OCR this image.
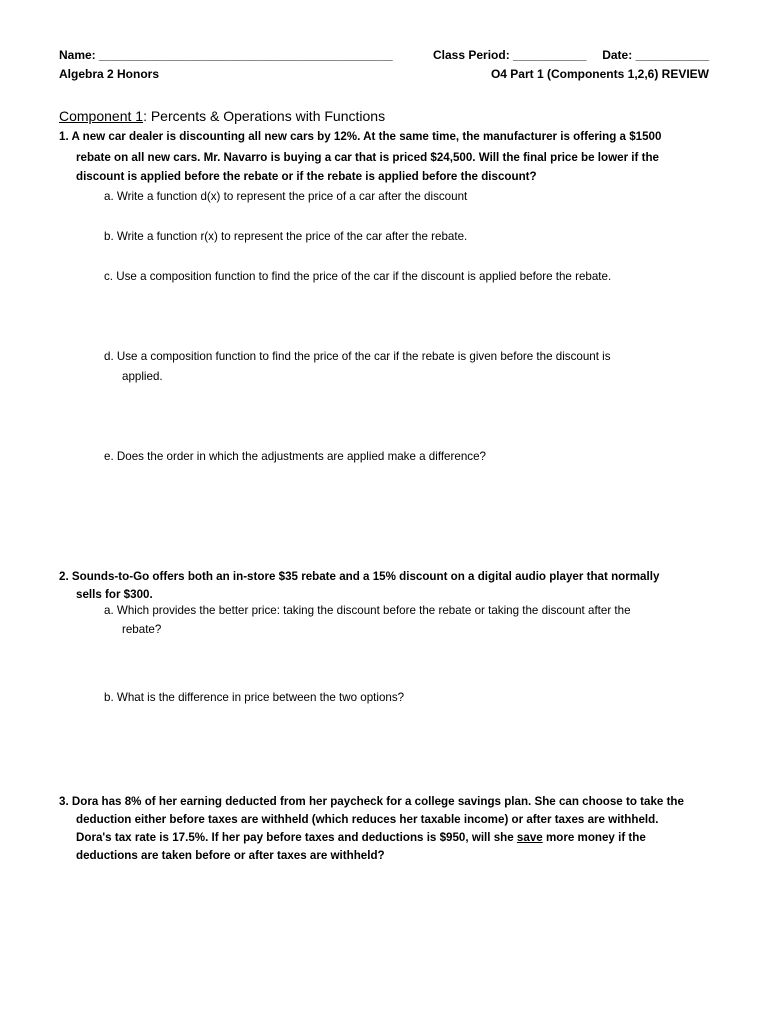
Name: ____________________________________________	Class Period: ___________ Date: ___________
Algebra 2 Honors	O4 Part 1 (Components 1,2,6) REVIEW
Component 1: Percents & Operations with Functions
1. A new car dealer is discounting all new cars by 12%. At the same time, the manufacturer is offering a $1500
rebate on all new cars. Mr. Navarro is buying a car that is priced $24,500. Will the final price be lower if the
discount is applied before the rebate or if the rebate is applied before the discount?
a. Write a function d(x) to represent the price of a car after the discount
b. Write a function r(x) to represent the price of the car after the rebate.
c. Use a composition function to find the price of the car if the discount is applied before the rebate.
d. Use a composition function to find the price of the car if the rebate is given before the discount is
applied.
e. Does the order in which the adjustments are applied make a difference?
2. Sounds-to-Go offers both an in-store $35 rebate and a 15% discount on a digital audio player that normally
sells for $300.
a. Which provides the better price: taking the discount before the rebate or taking the discount after the
rebate?
b. What is the difference in price between the two options?
3. Dora has 8% of her earning deducted from her paycheck for a college savings plan. She can choose to take the
deduction either before taxes are withheld (which reduces her taxable income) or after taxes are withheld.
Dora's tax rate is 17.5%. If her pay before taxes and deductions is $950, will she save more money if the
deductions are taken before or after taxes are withheld?
